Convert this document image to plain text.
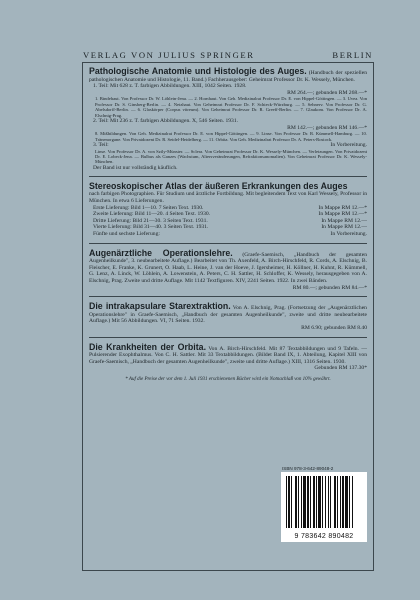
VERLAG VON JULIUS SPRINGER	BERLIN
Pathologische Anatomie und Histologie des Auges. (Handbuch der speziellen pathologischen Anatomie und Histologie, 11. Band.) Fachherausgeber: Geheimrat Professor Dr. K. Wessely, München.
1. Teil: Mit 628 z. T. farbigen Abbildungen. XIII, 1042 Seiten. 1928.
RM 264.—; gebunden RM 268.—*
1. Bindehaut. Von Professor Dr. W. Löhlein-Jena. — 2. Hornhaut. Von Geh. Medizinalrat Professor Dr. E. von Hippel-Göttingen. — 3. Uvea. Von Professor Dr. S. Ginsberg-Berlin. — 4. Netzhaut. Von Geheimrat Professor Dr. F. Schieck-Würzburg. — 5. Sehnerv. Von Professor Dr. G. Abelsdorff-Berlin. — 6. Glaskörper (Corpus vitreum). Von Geheimrat Professor Dr. R. Greeff-Berlin. — 7. Glaukom. Von Professor Dr. A. Elschnig-Prag.
2. Teil: Mit 236 z. T. farbigen Abbildungen. X, 546 Seiten. 1931.
RM 142.—; gebunden RM 146.—*
8. Mißbildungen. Von Geh. Medizinalrat Professor Dr. E. von Hippel-Göttingen. — 9. Linse. Von Professor Dr. R. Kümmell-Hamburg. — 10. Tränenorgane. Von Privatdozent Dr. R. Seidel-Heidelberg. — 11. Orbita. Von Geh. Medizinalrat Professor Dr. A. Peters-Rostock.
3. Teil:	In Vorbereitung.
Linse. Von Professor Dr. A. von Szily-Münster. — Sclera. Von Geheimrat Professor Dr. K. Wessely-München. — Verletzungen. Von Privatdozent Dr. E. Lobeck-Jena. — Bulbus als Ganzes (Wachstum, Altersveränderungen, Refraktionsanomalien). Von Geheimrat Professor Dr. K. Wessely-München.
Der Band ist nur vollständig käuflich.
Stereoskopischer Atlas der äußeren Erkrankungen des Auges
nach farbigen Photographien. Für Studium und ärztliche Fortbildung. Mit begleitendem Text von Karl Wessely, Professor in München. In etwa 6 Lieferungen.
Erste Lieferung: Bild 1—10. 7 Seiten Text. 1930.	In Mappe RM 12.—*
Zweite Lieferung: Bild 11—20. 4 Seiten Text. 1930.	In Mappe RM 12.—*
Dritte Lieferung: Bild 21—30. 3 Seiten Text. 1931.	In Mappe RM 12.—
Vierte Lieferung: Bild 31—40. 3 Seiten Text. 1931.	In Mappe RM 12.—
Fünfte und sechste Lieferung:	In Vorbereitung.
Augenärztliche Operationslehre. (Graefe-Saemisch, „Handbuch der gesamten Augenheilkunde", 3. neubearbeitete Auflage.) Bearbeitet von Th. Axenfeld, A. Birch-Hirschfeld, R. Cords, A. Elschnig, B. Fleischer, E. Franke, K. Grunert, O. Haab, L. Heine, J. van der Hoeve, J. Igersheimer, H. Köllner, H. Kuhnt, R. Kümmell, G. Lenz, A. Linck, W. Löhlein, A. Lowenstein, A. Peters, C. H. Sattler, H. Schloffer, K. Wessely, herausgegeben von A. Elschnig, Prag. Zweite und dritte Auflage. Mit 1142 Textfiguren. XIV, 2241 Seiten. 1922. In zwei Bänden.
RM 80.—; gebunden RM 84.—*
Die intrakapsulare Starextraktion. Von A. Elschnig, Prag. (Fortsetzung der „Augenärztlichen Operationslehre" in Graefe-Saemisch, „Handbuch der gesamten Augenheilkunde", zweite und dritte neubearbeitete Auflage.) Mit 56 Abbildungen. VI, 71 Seiten. 1932.
RM 6.90; gebunden RM 8.40
Die Krankheiten der Orbita. Von A. Birch-Hirschfeld. Mit 87 Textabbildungen und 9 Tafeln. — Pulsierender Exophthalmus. Von C. H. Sattler. Mit 33 Textabbildungen. (Bildet Band IX, 1. Abteilung, Kapitel XIII von Graefe-Saemisch, „Handbuch der gesamten Augenheilkunde", zweite und dritte Auflage.) XIII, 1316 Seiten. 1930.
Gebunden RM 137.30*
* Auf die Preise der vor dem 1. Juli 1931 erschienenen Bücher wird ein Notnachlaß von 10% gewährt.
ISBN 978-3-642-89048-2
9 783642 890482
